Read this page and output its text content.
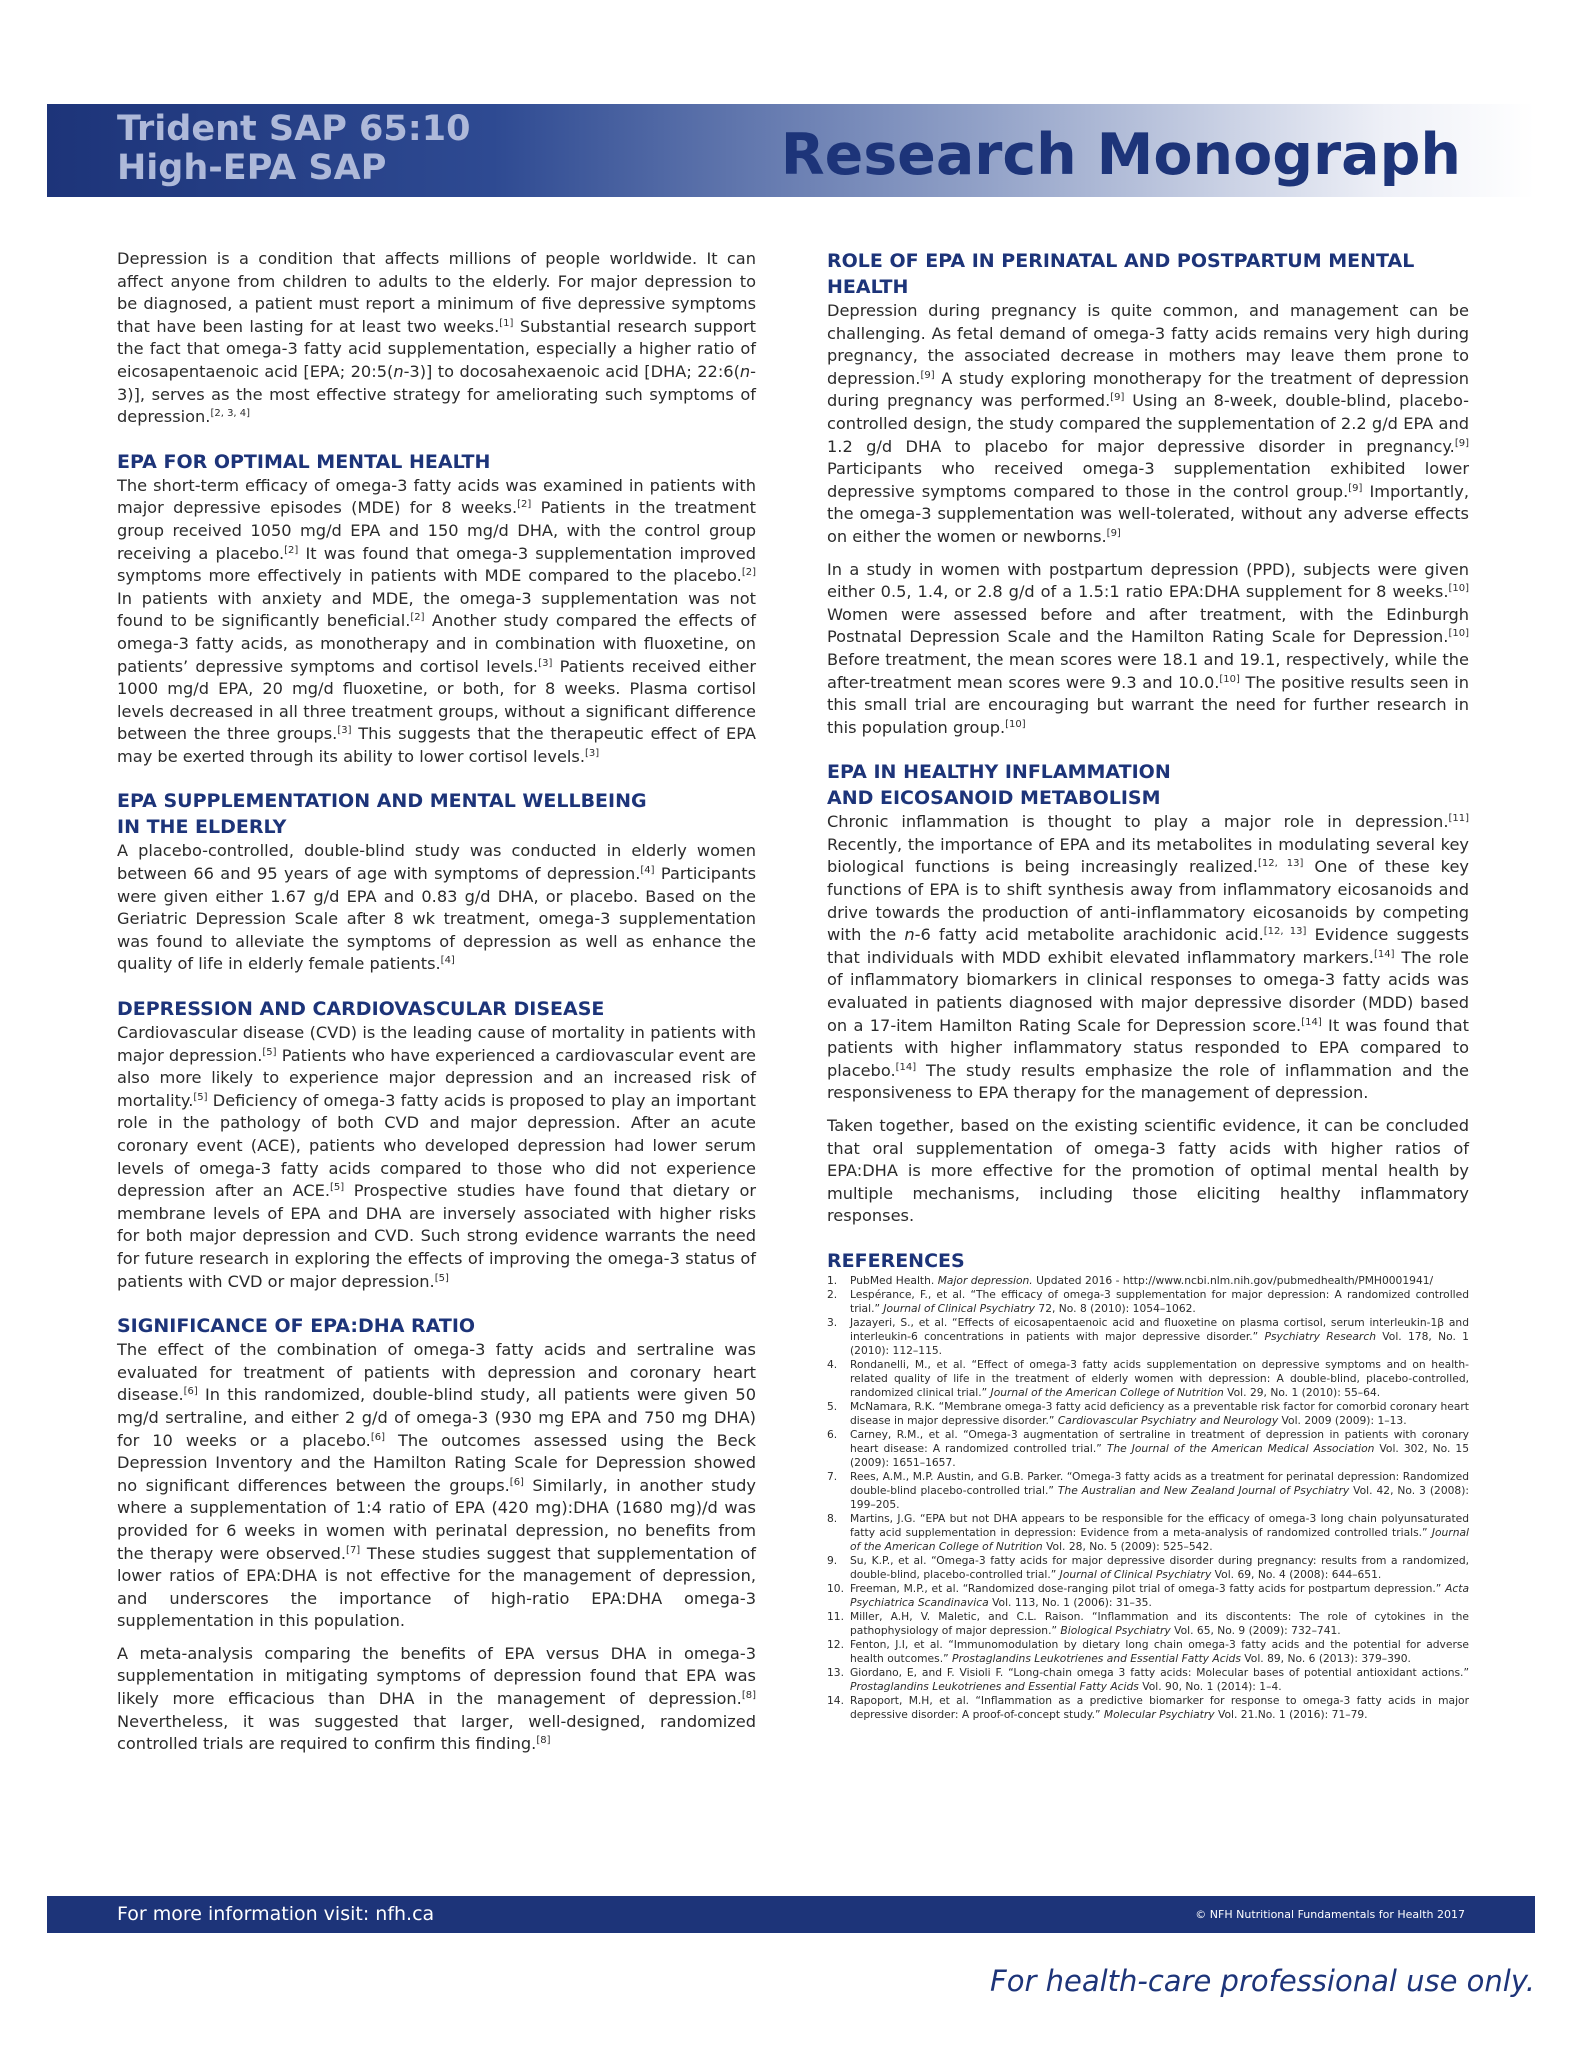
Trident SAP 65:10
High-EPA SAP	Research Monograph

Depression is a condition that affects millions of people worldwide. It can affect anyone from children to adults to the elderly. For major depression to be diagnosed, a patient must report a minimum of five depressive symptoms that have been lasting for at least two weeks.[1] Substantial research support the fact that omega-3 fatty acid supplementation, especially a higher ratio of eicosapentaenoic acid [EPA; 20:5(n-3)] to docosahexaenoic acid [DHA; 22:6(n-3)], serves as the most effective strategy for ameliorating such symptoms of depression.[2, 3, 4]

EPA FOR OPTIMAL MENTAL HEALTH

The short-term efficacy of omega-3 fatty acids was examined in patients with major depressive episodes (MDE) for 8 weeks.[2] Patients in the treatment group received 1050 mg/d EPA and 150 mg/d DHA, with the control group receiving a placebo.[2] It was found that omega-3 supplementation improved symptoms more effectively in patients with MDE compared to the placebo.[2] In patients with anxiety and MDE, the omega-3 supplementation was not found to be significantly beneficial.[2] Another study compared the effects of omega-3 fatty acids, as monotherapy and in combination with fluoxetine, on patients’ depressive symptoms and cortisol levels.[3] Patients received either 1000 mg/d EPA, 20 mg/d fluoxetine, or both, for 8 weeks. Plasma cortisol levels decreased in all three treatment groups, without a significant difference between the three groups.[3] This suggests that the therapeutic effect of EPA may be exerted through its ability to lower cortisol levels.[3]

EPA SUPPLEMENTATION AND MENTAL WELLBEING
IN THE ELDERLY

A placebo-controlled, double-blind study was conducted in elderly women between 66 and 95 years of age with symptoms of depression.[4] Participants were given either 1.67 g/d EPA and 0.83 g/d DHA, or placebo. Based on the Geriatric Depression Scale after 8 wk treatment, omega-3 supplementation was found to alleviate the symptoms of depression as well as enhance the quality of life in elderly female patients.[4]

DEPRESSION AND CARDIOVASCULAR DISEASE

Cardiovascular disease (CVD) is the leading cause of mortality in patients with major depression.[5] Patients who have experienced a cardiovascular event are also more likely to experience major depression and an increased risk of mortality.[5] Deficiency of omega-3 fatty acids is proposed to play an important role in the pathology of both CVD and major depression. After an acute coronary event (ACE), patients who developed depression had lower serum levels of omega-3 fatty acids compared to those who did not experience depression after an ACE.[5] Prospective studies have found that dietary or membrane levels of EPA and DHA are inversely associated with higher risks for both major depression and CVD. Such strong evidence warrants the need for future research in exploring the effects of improving the omega-3 status of patients with CVD or major depression.[5]

SIGNIFICANCE OF EPA:DHA RATIO

The effect of the combination of omega-3 fatty acids and sertraline was evaluated for treatment of patients with depression and coronary heart disease.[6] In this randomized, double-blind study, all patients were given 50 mg/d sertraline, and either 2 g/d of omega-3 (930 mg EPA and 750 mg DHA) for 10 weeks or a placebo.[6] The outcomes assessed using the Beck Depression Inventory and the Hamilton Rating Scale for Depression showed no significant differences between the groups.[6] Similarly, in another study where a supplementation of 1:4 ratio of EPA (420 mg):DHA (1680 mg)/d was provided for 6 weeks in women with perinatal depression, no benefits from the therapy were observed.[7] These studies suggest that supplementation of lower ratios of EPA:DHA is not effective for the management of depression, and underscores the importance of high-ratio EPA:DHA omega-3 supplementation in this population.

A meta-analysis comparing the benefits of EPA versus DHA in omega-3 supplementation in mitigating symptoms of depression found that EPA was likely more efficacious than DHA in the management of depression.[8] Nevertheless, it was suggested that larger, well-designed, randomized controlled trials are required to confirm this finding.[8]

ROLE OF EPA IN PERINATAL AND POSTPARTUM MENTAL HEALTH

Depression during pregnancy is quite common, and management can be challenging. As fetal demand of omega-3 fatty acids remains very high during pregnancy, the associated decrease in mothers may leave them prone to depression.[9] A study exploring monotherapy for the treatment of depression during pregnancy was performed.[9] Using an 8-week, double-blind, placebo-controlled design, the study compared the supplementation of 2.2 g/d EPA and 1.2 g/d DHA to placebo for major depressive disorder in pregnancy.[9] Participants who received omega-3 supplementation exhibited lower depressive symptoms compared to those in the control group.[9] Importantly, the omega-3 supplementation was well-tolerated, without any adverse effects on either the women or newborns.[9]

In a study in women with postpartum depression (PPD), subjects were given either 0.5, 1.4, or 2.8 g/d of a 1.5:1 ratio EPA:DHA supplement for 8 weeks.[10] Women were assessed before and after treatment, with the Edinburgh Postnatal Depression Scale and the Hamilton Rating Scale for Depression.[10] Before treatment, the mean scores were 18.1 and 19.1, respectively, while the after-treatment mean scores were 9.3 and 10.0.[10] The positive results seen in this small trial are encouraging but warrant the need for further research in this population group.[10]

EPA IN HEALTHY INFLAMMATION
AND EICOSANOID METABOLISM

Chronic inflammation is thought to play a major role in depression.[11] Recently, the importance of EPA and its metabolites in modulating several key biological functions is being increasingly realized.[12, 13] One of these key functions of EPA is to shift synthesis away from inflammatory eicosanoids and drive towards the production of anti-inflammatory eicosanoids by competing with the n-6 fatty acid metabolite arachidonic acid.[12, 13] Evidence suggests that individuals with MDD exhibit elevated inflammatory markers.[14] The role of inflammatory biomarkers in clinical responses to omega-3 fatty acids was evaluated in patients diagnosed with major depressive disorder (MDD) based on a 17-item Hamilton Rating Scale for Depression score.[14] It was found that patients with higher inflammatory status responded to EPA compared to placebo.[14] The study results emphasize the role of inflammation and the responsiveness to EPA therapy for the management of depression.

Taken together, based on the existing scientific evidence, it can be concluded that oral supplementation of omega-3 fatty acids with higher ratios of EPA:DHA is more effective for the promotion of optimal mental health by multiple mechanisms, including those eliciting healthy inflammatory responses.

REFERENCES
1. PubMed Health. Major depression. Updated 2016 - http://www.ncbi.nlm.nih.gov/pubmedhealth/PMH0001941/
2. Lespérance, F., et al. “The efficacy of omega-3 supplementation for major depression: A randomized controlled trial.” Journal of Clinical Psychiatry 72, No. 8 (2010): 1054–1062.
3. Jazayeri, S., et al. “Effects of eicosapentaenoic acid and fluoxetine on plasma cortisol, serum interleukin-1β and interleukin-6 concentrations in patients with major depressive disorder.” Psychiatry Research Vol. 178, No. 1 (2010): 112–115.
4. Rondanelli, M., et al. “Effect of omega-3 fatty acids supplementation on depressive symptoms and on health-related quality of life in the treatment of elderly women with depression: A double-blind, placebo-controlled, randomized clinical trial.” Journal of the American College of Nutrition Vol. 29, No. 1 (2010): 55–64.
5. McNamara, R.K. “Membrane omega-3 fatty acid deficiency as a preventable risk factor for comorbid coronary heart disease in major depressive disorder.” Cardiovascular Psychiatry and Neurology Vol. 2009 (2009): 1–13.
6. Carney, R.M., et al. “Omega-3 augmentation of sertraline in treatment of depression in patients with coronary heart disease: A randomized controlled trial.” The Journal of the American Medical Association Vol. 302, No. 15 (2009): 1651–1657.
7. Rees, A.M., M.P. Austin, and G.B. Parker. “Omega-3 fatty acids as a treatment for perinatal depression: Randomized double-blind placebo-controlled trial.” The Australian and New Zealand Journal of Psychiatry Vol. 42, No. 3 (2008): 199–205.
8. Martins, J.G. “EPA but not DHA appears to be responsible for the efficacy of omega-3 long chain polyunsaturated fatty acid supplementation in depression: Evidence from a meta-analysis of randomized controlled trials.” Journal of the American College of Nutrition Vol. 28, No. 5 (2009): 525–542.
9. Su, K.P., et al. “Omega-3 fatty acids for major depressive disorder during pregnancy: results from a randomized, double-blind, placebo-controlled trial.” Journal of Clinical Psychiatry Vol. 69, No. 4 (2008): 644–651.
10. Freeman, M.P., et al. “Randomized dose-ranging pilot trial of omega-3 fatty acids for postpartum depression.” Acta Psychiatrica Scandinavica Vol. 113, No. 1 (2006): 31–35.
11. Miller, A.H, V. Maletic, and C.L. Raison. “Inflammation and its discontents: The role of cytokines in the pathophysiology of major depression.” Biological Psychiatry Vol. 65, No. 9 (2009): 732–741.
12. Fenton, J.I, et al. “Immunomodulation by dietary long chain omega-3 fatty acids and the potential for adverse health outcomes.” Prostaglandins Leukotrienes and Essential Fatty Acids Vol. 89, No. 6 (2013): 379–390.
13. Giordano, E, and F. Visioli F. “Long-chain omega 3 fatty acids: Molecular bases of potential antioxidant actions.” Prostaglandins Leukotrienes and Essential Fatty Acids Vol. 90, No. 1 (2014): 1–4.
14. Rapoport, M.H, et al. “Inflammation as a predictive biomarker for response to omega-3 fatty acids in major depressive disorder: A proof-of-concept study.” Molecular Psychiatry Vol. 21.No. 1 (2016): 71–79.
For more information visit: nfh.ca	© NFH Nutritional Fundamentals for Health 2017
For health-care professional use only.
